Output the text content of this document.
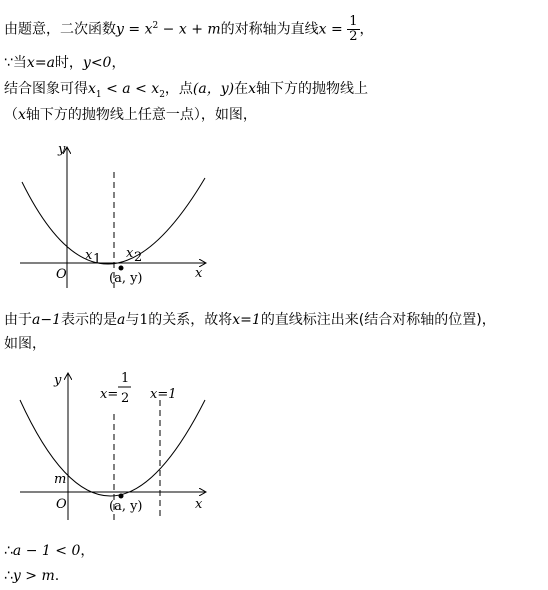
由题意，二次函数$y = x^2 - x + m$的对称轴为直线$x = \frac{1}{2}$ ，
∵当x=a时，y<0，
结合图象可得$x_1 < a < x_2$，点(a，y)在x轴下方的抛物线上
（x轴下方的抛物线上任意一点），如图，
y
x
O
x 1 x 2
(a, y)
由于a−1表示的是a与1的关系，故将x=1的直线标注出来(结合对称轴的位置)，
如图，
y
x
O
m
x=
1
2 x=1
(a, y)
∴a − 1 < 0，
∴y > m.
